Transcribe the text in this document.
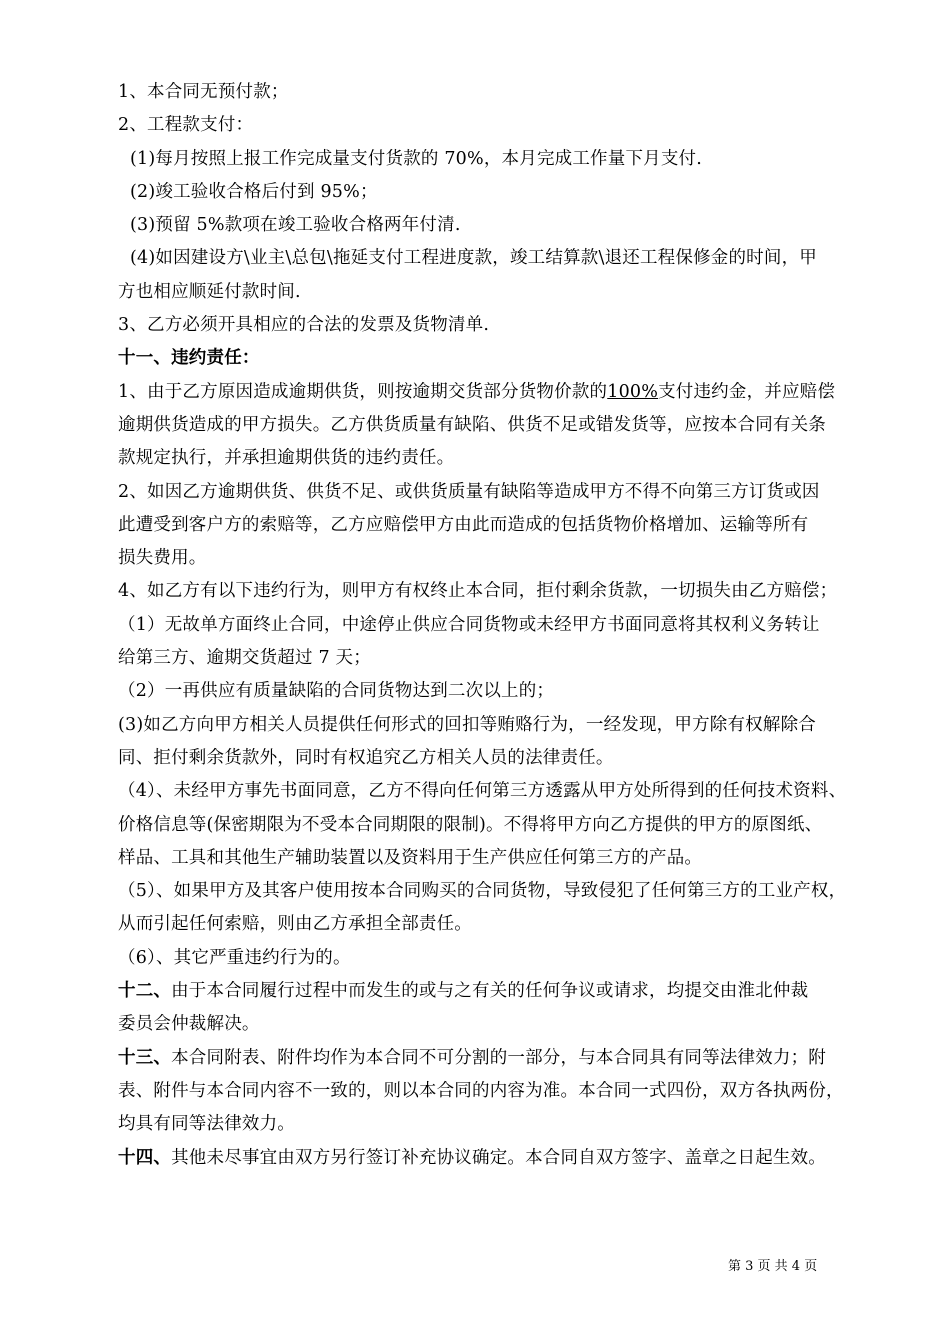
1、本合同无预付款；
2、工程款支付：
(1)每月按照上报工作完成量支付货款的 70%，本月完成工作量下月支付.
(2)竣工验收合格后付到 95%；
(3)预留 5%款项在竣工验收合格两年付清.
(4)如因建设方\业主\总包\拖延支付工程进度款，竣工结算款\退还工程保修金的时间，甲
方也相应顺延付款时间.
3、乙方必须开具相应的合法的发票及货物清单.
十一、违约责任：
1、由于乙方原因造成逾期供货，则按逾期交货部分货物价款的100%支付违约金，并应赔偿
逾期供货造成的甲方损失。乙方供货质量有缺陷、供货不足或错发货等，应按本合同有关条
款规定执行，并承担逾期供货的违约责任。
2、如因乙方逾期供货、供货不足、或供货质量有缺陷等造成甲方不得不向第三方订货或因
此遭受到客户方的索赔等，乙方应赔偿甲方由此而造成的包括货物价格增加、运输等所有
损失费用。
4、如乙方有以下违约行为，则甲方有权终止本合同，拒付剩余货款，一切损失由乙方赔偿；
（1）无故单方面终止合同，中途停止供应合同货物或未经甲方书面同意将其权利义务转让
给第三方、逾期交货超过 7 天；
（2）一再供应有质量缺陷的合同货物达到二次以上的；
(3)如乙方向甲方相关人员提供任何形式的回扣等贿赂行为，一经发现，甲方除有权解除合
同、拒付剩余货款外，同时有权追究乙方相关人员的法律责任。
（4）、未经甲方事先书面同意，乙方不得向任何第三方透露从甲方处所得到的任何技术资料、
价格信息等(保密期限为不受本合同期限的限制)。不得将甲方向乙方提供的甲方的原图纸、
样品、工具和其他生产辅助装置以及资料用于生产供应任何第三方的产品。
（5）、如果甲方及其客户使用按本合同购买的合同货物，导致侵犯了任何第三方的工业产权，
从而引起任何索赔，则由乙方承担全部责任。
（6）、其它严重违约行为的。
十二、由于本合同履行过程中而发生的或与之有关的任何争议或请求，均提交由淮北仲裁
委员会仲裁解决。
十三、本合同附表、附件均作为本合同不可分割的一部分，与本合同具有同等法律效力；附
表、附件与本合同内容不一致的，则以本合同的内容为准。本合同一式四份，双方各执两份，
均具有同等法律效力。
十四、其他未尽事宜由双方另行签订补充协议确定。本合同自双方签字、盖章之日起生效。
第 3 页 共 4 页
